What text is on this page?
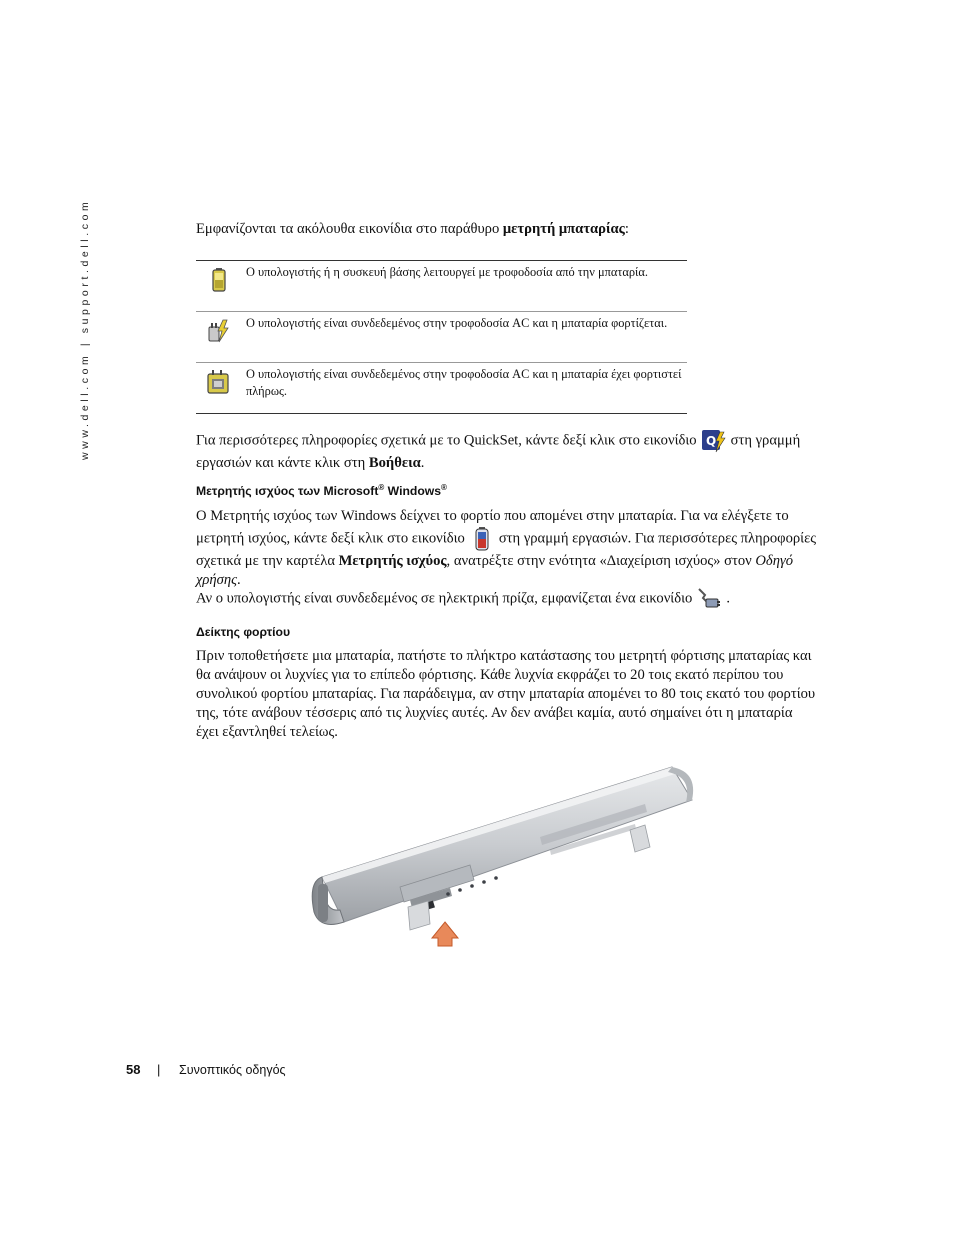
www.dell.com | support.dell.com	Εμφανίζονται τα ακόλουθα εικονίδια στο παράθυρο μετρητή μπαταρίας:
Ο υπολογιστής ή η συσκευή βάσης λειτουργεί με τροφοδοσία από την μπαταρία.
Ο υπολογιστής είναι συνδεδεμένος στην τροφοδοσία AC και η μπαταρία φορτίζεται.
Ο υπολογιστής είναι συνδεδεμένος στην τροφοδοσία AC και η μπαταρία έχει φορτιστεί πλήρως.
Για περισσότερες πληροφορίες σχετικά με το QuickSet, κάντε δεξί κλικ στο εικονίδιο Q στη γραμμή εργασιών και κάντε κλικ στη Βοήθεια.
Μετρητής ισχύος των Microsoft® Windows®
Ο Μετρητής ισχύος των Windows δείχνει το φορτίο που απομένει στην μπαταρία. Για να ελέγξετε το μετρητή ισχύος, κάντε δεξί κλικ στο εικονίδιο στη γραμμή εργασιών. Για περισσότερες πληροφορίες σχετικά με την καρτέλα Μετρητής ισχύος, ανατρέξτε στην ενότητα «Διαχείριση ισχύος» στον Οδηγό χρήσης.
Αν ο υπολογιστής είναι συνδεδεμένος σε ηλεκτρική πρίζα, εμφανίζεται ένα εικονίδιο .
Δείκτης φορτίου
Πριν τοποθετήσετε μια μπαταρία, πατήστε το πλήκτρο κατάστασης του μετρητή φόρτισης μπαταρίας και θα ανάψουν οι λυχνίες για το επίπεδο φόρτισης. Κάθε λυχνία εκφράζει το 20 τοις εκατό περίπου του συνολικού φορτίου μπαταρίας. Για παράδειγμα, αν στην μπαταρία απομένει το 80 τοις εκατό του φορτίου της, τότε ανάβουν τέσσερις από τις λυχνίες αυτές. Αν δεν ανάβει καμία, αυτό σημαίνει ότι η μπαταρία έχει εξαντληθεί τελείως.
58 | Συνοπτικός οδηγός
